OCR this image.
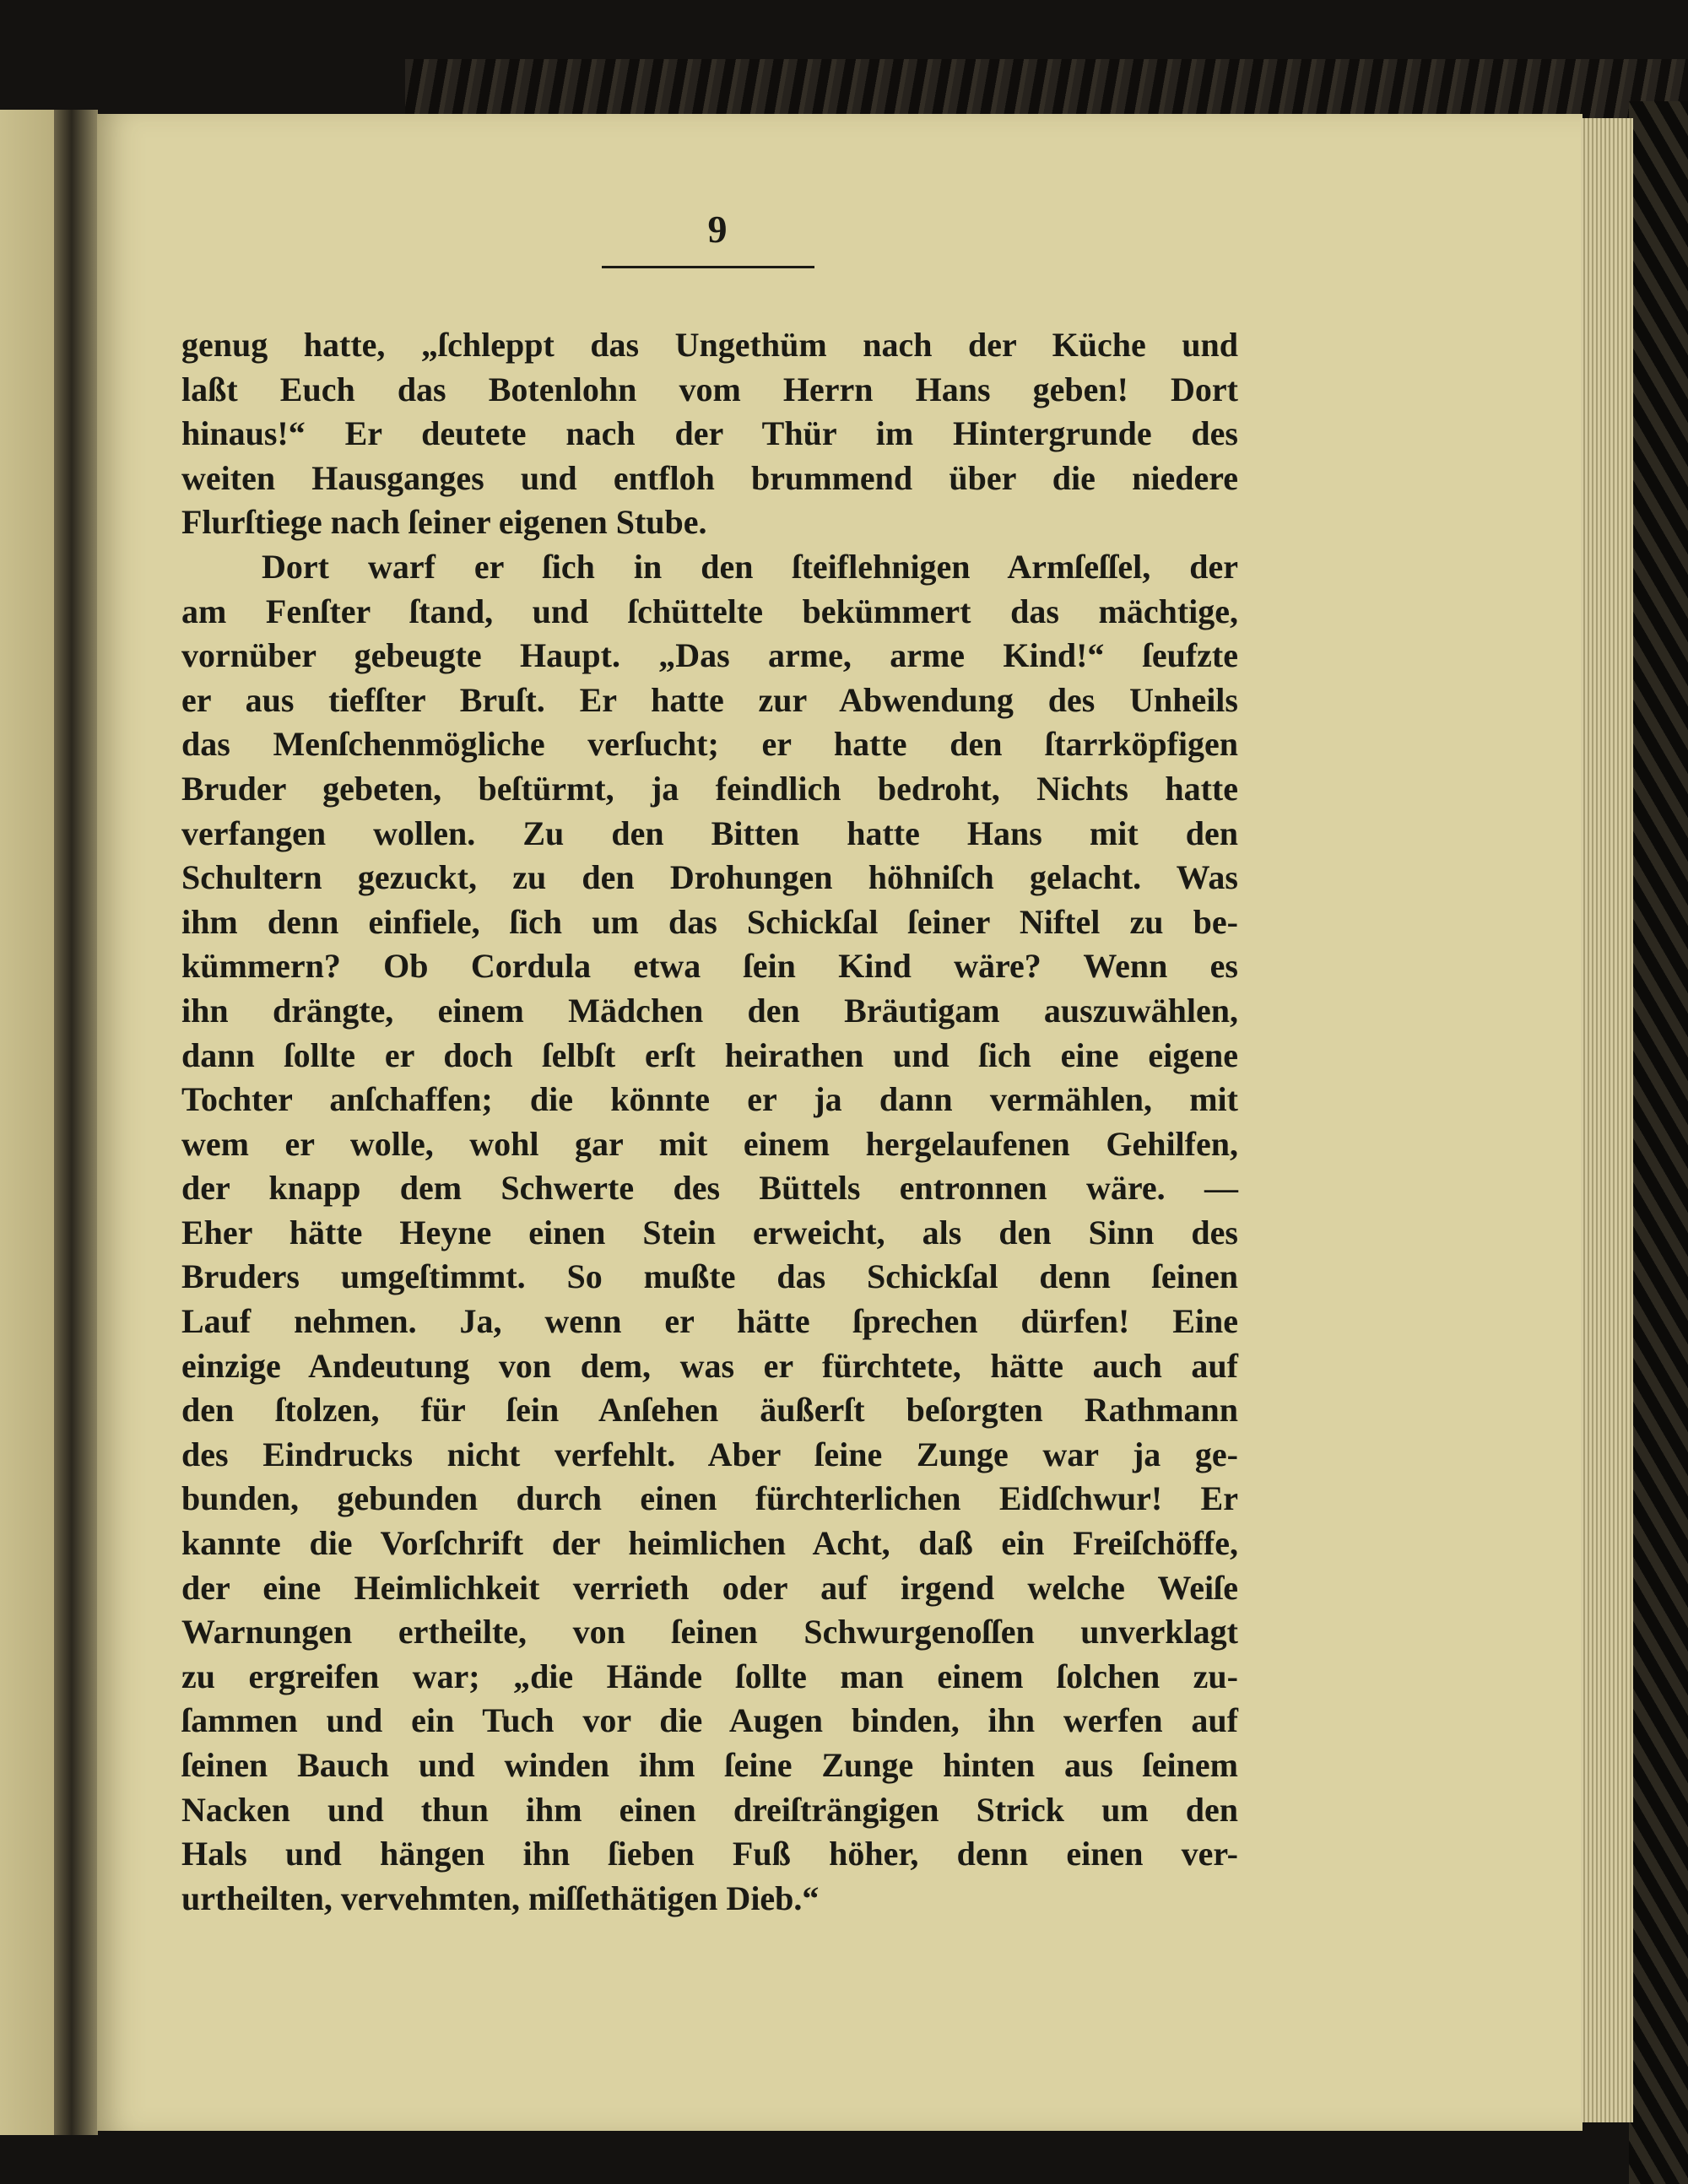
9
genug hatte, „ſchleppt das Ungethüm nach der Küche und
laßt Euch das Botenlohn vom Herrn Hans geben! Dort
hinaus!“ Er deutete nach der Thür im Hintergrunde des
weiten Hausganges und entfloh brummend über die niedere
Flurſtiege nach ſeiner eigenen Stube.
Dort warf er ſich in den ſteiflehnigen Armſeſſel, der
am Fenſter ſtand, und ſchüttelte bekümmert das mächtige,
vornüber gebeugte Haupt. „Das arme, arme Kind!“ ſeufzte
er aus tiefſter Bruſt. Er hatte zur Abwendung des Unheils
das Menſchenmögliche verſucht; er hatte den ſtarrköpfigen
Bruder gebeten, beſtürmt, ja feindlich bedroht, Nichts hatte
verfangen wollen. Zu den Bitten hatte Hans mit den
Schultern gezuckt, zu den Drohungen höhniſch gelacht. Was
ihm denn einfiele, ſich um das Schickſal ſeiner Niftel zu be-
kümmern? Ob Cordula etwa ſein Kind wäre? Wenn es
ihn drängte, einem Mädchen den Bräutigam auszuwählen,
dann ſollte er doch ſelbſt erſt heirathen und ſich eine eigene
Tochter anſchaffen; die könnte er ja dann vermählen, mit
wem er wolle, wohl gar mit einem hergelaufenen Gehilfen,
der knapp dem Schwerte des Büttels entronnen wäre. —
Eher hätte Heyne einen Stein erweicht, als den Sinn des
Bruders umgeſtimmt. So mußte das Schickſal denn ſeinen
Lauf nehmen. Ja, wenn er hätte ſprechen dürfen! Eine
einzige Andeutung von dem, was er fürchtete, hätte auch auf
den ſtolzen, für ſein Anſehen äußerſt beſorgten Rathmann
des Eindrucks nicht verfehlt. Aber ſeine Zunge war ja ge-
bunden, gebunden durch einen fürchterlichen Eidſchwur! Er
kannte die Vorſchrift der heimlichen Acht, daß ein Freiſchöffe,
der eine Heimlichkeit verrieth oder auf irgend welche Weiſe
Warnungen ertheilte, von ſeinen Schwurgenoſſen unverklagt
zu ergreifen war; „die Hände ſollte man einem ſolchen zu-
ſammen und ein Tuch vor die Augen binden, ihn werfen auf
ſeinen Bauch und winden ihm ſeine Zunge hinten aus ſeinem
Nacken und thun ihm einen dreiſträngigen Strick um den
Hals und hängen ihn ſieben Fuß höher, denn einen ver-
urtheilten, vervehmten, miſſethätigen Dieb.“
